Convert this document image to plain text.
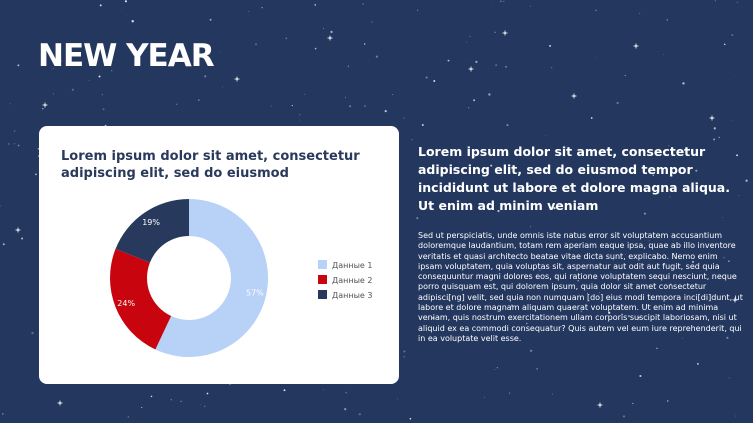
NEW YEAR

Lorem ipsum dolor sit amet, consectetur adipiscing elit, sed do eiusmod

57%
24%
19%
Данные 1
Данные 2
Данные 3

Lorem ipsum dolor sit amet, consectetur adipiscing elit, sed do eiusmod tempor incididunt ut labore et dolore magna aliqua. Ut enim ad minim veniam

Sed ut perspiciatis, unde omnis iste natus error sit voluptatem accusantium doloremque laudantium, totam rem aperiam eaque ipsa, quae ab illo inventore veritatis et quasi architecto beatae vitae dicta sunt, explicabo. Nemo enim ipsam voluptatem, quia voluptas sit, aspernatur aut odit aut fugit, sed quia consequuntur magni dolores eos, qui ratione voluptatem sequi nesciunt, neque porro quisquam est, qui dolorem ipsum, quia dolor sit amet consectetur adipisci[ng] velit, sed quia non numquam [do] eius modi tempora inci[di]dunt, ut labore et dolore magnam aliquam quaerat voluptatem. Ut enim ad minima veniam, quis nostrum exercitationem ullam corporis suscipit laboriosam, nisi ut aliquid ex ea commodi consequatur? Quis autem vel eum iure reprehenderit, qui in ea voluptate velit esse.
